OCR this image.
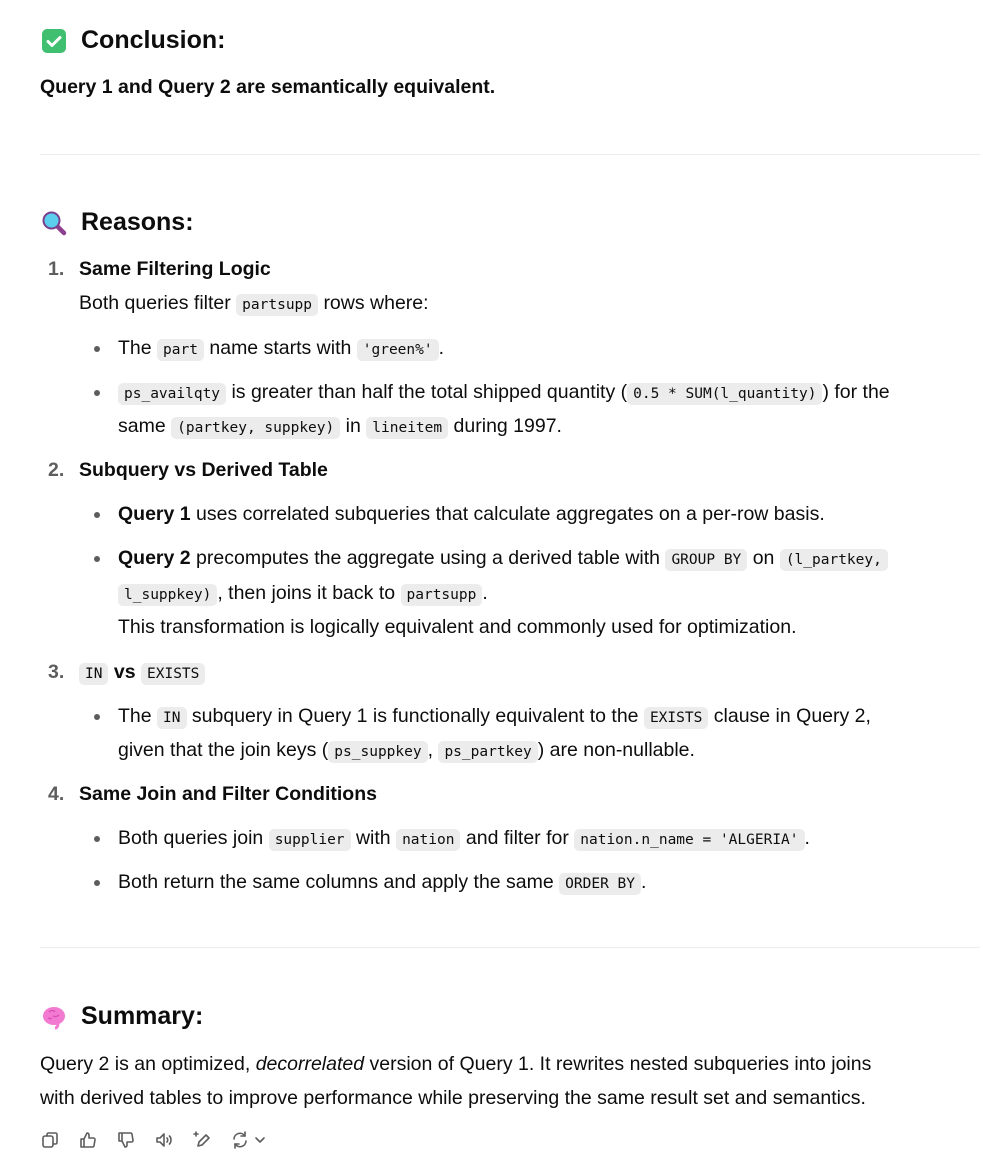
Conclusion:
Query 1 and Query 2 are semantically equivalent.
Reasons:
1. Same Filtering Logic
Both queries filter partsupp rows where:
The part name starts with 'green%' .
ps_availqty is greater than half the total shipped quantity ( 0.5 * SUM(l_quantity) ) for the
same (partkey, suppkey) in lineitem during 1997.
2. Subquery vs Derived Table
Query 1 uses correlated subqueries that calculate aggregates on a per-row basis.
Query 2 precomputes the aggregate using a derived table with GROUP BY on (l_partkey,
l_suppkey) , then joins it back to partsupp .
This transformation is logically equivalent and commonly used for optimization.
3.	IN vs EXISTS
The IN subquery in Query 1 is functionally equivalent to the EXISTS clause in Query 2,
given that the join keys ( ps_suppkey , ps_partkey ) are non-nullable.
4. Same Join and Filter Conditions
Both queries join supplier with nation and filter for nation.n_name = 'ALGERIA' .
Both return the same columns and apply the same ORDER BY .
Summary:
Query 2 is an optimized, decorrelated version of Query 1. It rewrites nested subqueries into joins
with derived tables to improve performance while preserving the same result set and semantics.
